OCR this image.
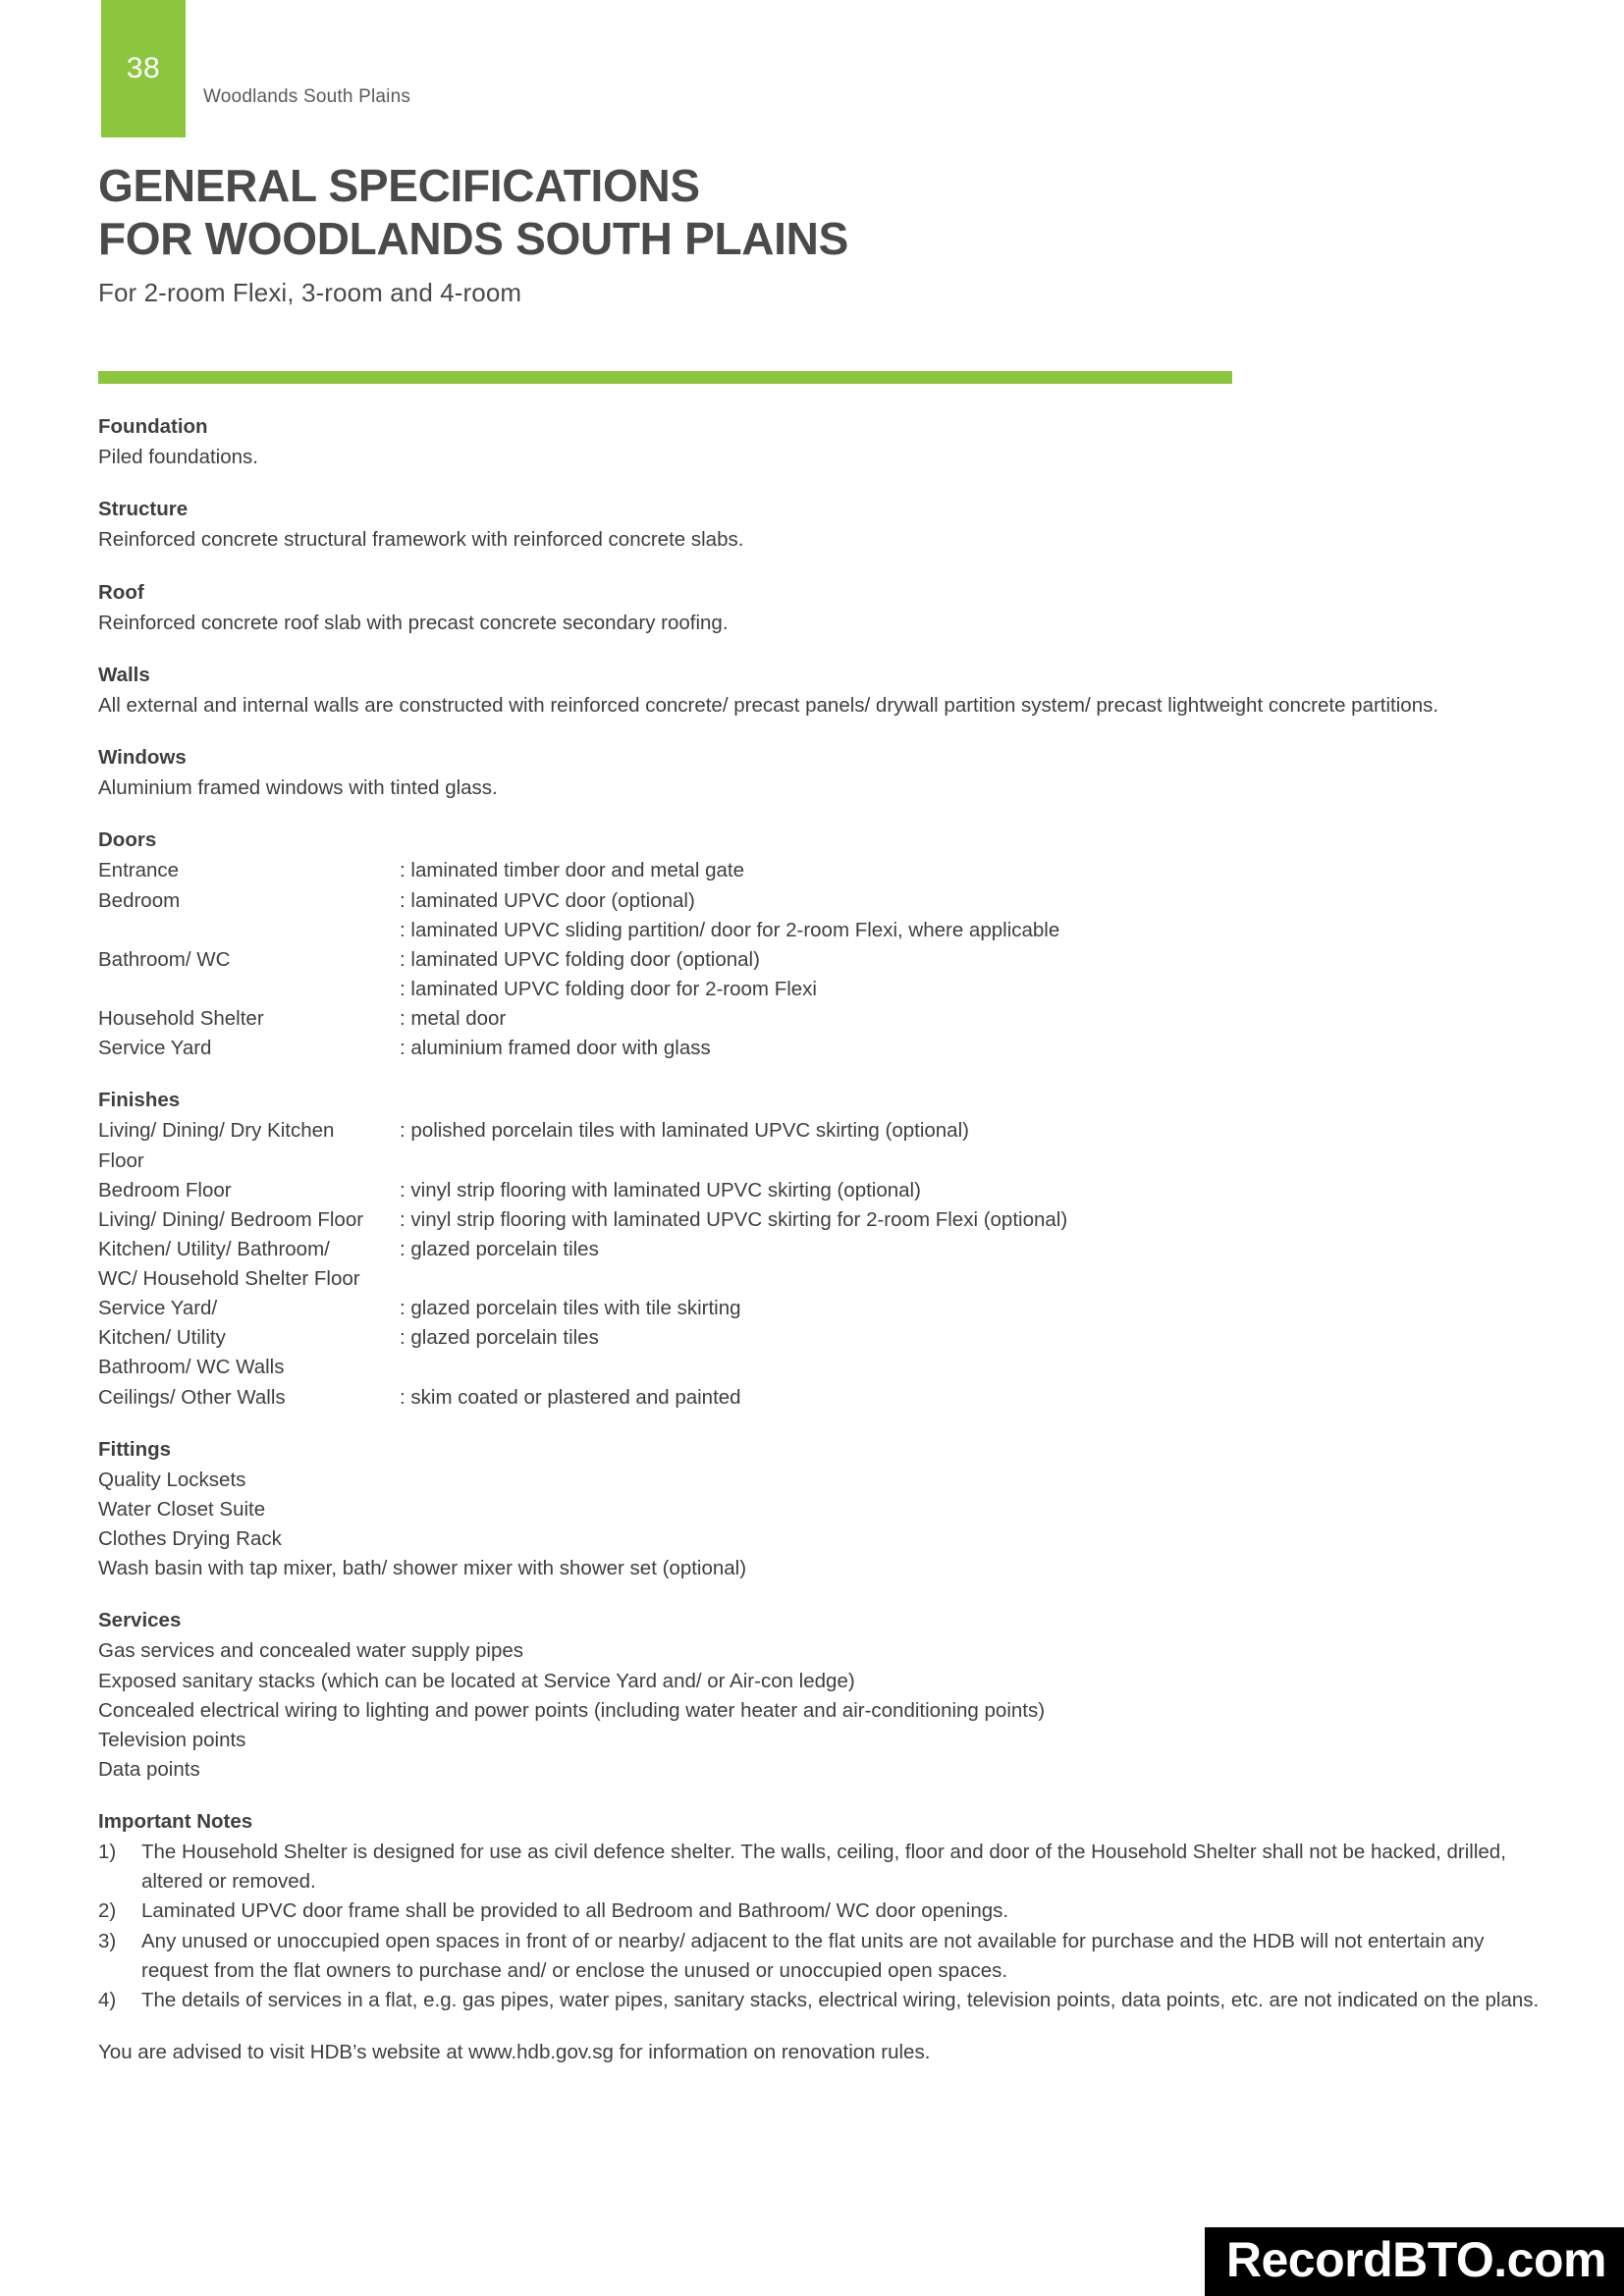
38
Woodlands South Plains
GENERAL SPECIFICATIONS
FOR WOODLANDS SOUTH PLAINS
For 2-room Flexi, 3-room and 4-room
Foundation
Piled foundations.
Structure
Reinforced concrete structural framework with reinforced concrete slabs.
Roof
Reinforced concrete roof slab with precast concrete secondary roofing.
Walls
All external and internal walls are constructed with reinforced concrete/ precast panels/ drywall partition system/ precast lightweight concrete partitions.
Windows
Aluminium framed windows with tinted glass.
Doors
Entrance	: laminated timber door and metal gate
Bedroom	: laminated UPVC door (optional)
: laminated UPVC sliding partition/ door for 2-room Flexi, where applicable
Bathroom/ WC	: laminated UPVC folding door (optional)
: laminated UPVC folding door for 2-room Flexi
Household Shelter	: metal door
Service Yard	: aluminium framed door with glass
Finishes
Living/ Dining/ Dry Kitchen	: polished porcelain tiles with laminated UPVC skirting (optional)
Floor
Bedroom Floor	: vinyl strip flooring with laminated UPVC skirting (optional)
Living/ Dining/ Bedroom Floor	: vinyl strip flooring with laminated UPVC skirting for 2-room Flexi (optional)
Kitchen/ Utility/ Bathroom/	: glazed porcelain tiles
WC/ Household Shelter Floor
Service Yard/	: glazed porcelain tiles with tile skirting
Kitchen/ Utility	: glazed porcelain tiles
Bathroom/ WC Walls
Ceilings/ Other Walls	: skim coated or plastered and painted
Fittings
Quality Locksets
Water Closet Suite
Clothes Drying Rack
Wash basin with tap mixer, bath/ shower mixer with shower set (optional)
Services
Gas services and concealed water supply pipes
Exposed sanitary stacks (which can be located at Service Yard and/ or Air-con ledge)
Concealed electrical wiring to lighting and power points (including water heater and air-conditioning points)
Television points
Data points
Important Notes
1)	The Household Shelter is designed for use as civil defence shelter. The walls, ceiling, floor and door of the Household Shelter shall not be hacked, drilled, altered or removed.
2)	Laminated UPVC door frame shall be provided to all Bedroom and Bathroom/ WC door openings.
3)	Any unused or unoccupied open spaces in front of or nearby/ adjacent to the flat units are not available for purchase and the HDB will not entertain any request from the flat owners to purchase and/ or enclose the unused or unoccupied open spaces.
4)	The details of services in a flat, e.g. gas pipes, water pipes, sanitary stacks, electrical wiring, television points, data points, etc. are not indicated on the plans.
You are advised to visit HDB’s website at www.hdb.gov.sg for information on renovation rules.
RecordBTO.com
